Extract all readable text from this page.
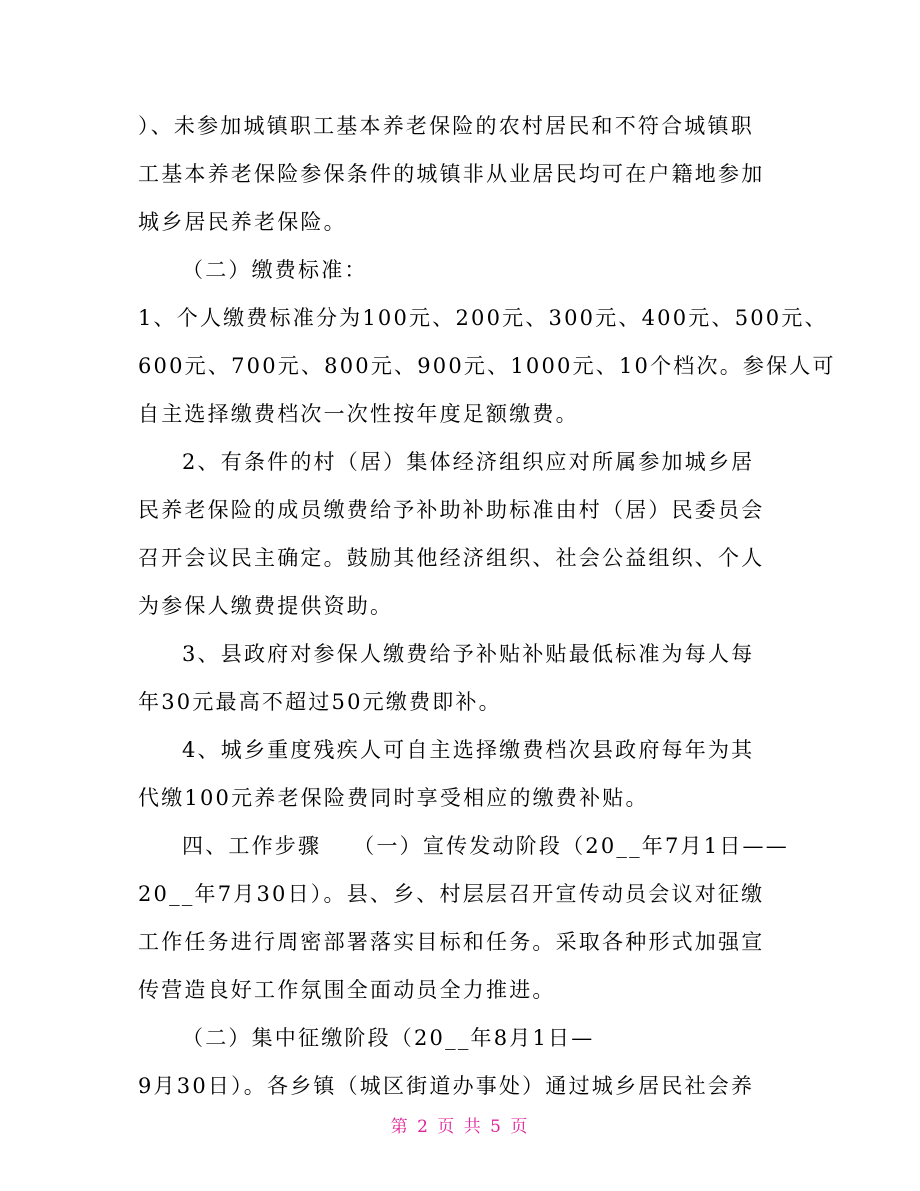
）、未参加城镇职工基本养老保险的农村居民和不符合城镇职
工基本养老保险参保条件的城镇非从业居民均可在户籍地参加
城乡居民养老保险。
（二）缴费标准：
1、个人缴费标准分为100元、200元、300元、400元、500元、
600元、700元、800元、900元、1000元、10个档次。参保人可
自主选择缴费档次一次性按年度足额缴费。
2、有条件的村（居）集体经济组织应对所属参加城乡居
民养老保险的成员缴费给予补助补助标准由村（居）民委员会
召开会议民主确定。鼓励其他经济组织、社会公益组织、个人
为参保人缴费提供资助。
3、县政府对参保人缴费给予补贴补贴最低标准为每人每
年30元最高不超过50元缴费即补。
4、城乡重度残疾人可自主选择缴费档次县政府每年为其
代缴100元养老保险费同时享受相应的缴费补贴。
四、工作步骤　 （一）宣传发动阶段（20__年7月1日——
20__年7月30日）。县、乡、村层层召开宣传动员会议对征缴
工作任务进行周密部署落实目标和任务。采取各种形式加强宣
传营造良好工作氛围全面动员全力推进。
（二）集中征缴阶段（20__年8月1日—
9月30日）。各乡镇（城区街道办事处）通过城乡居民社会养
第 2 页 共 5 页
